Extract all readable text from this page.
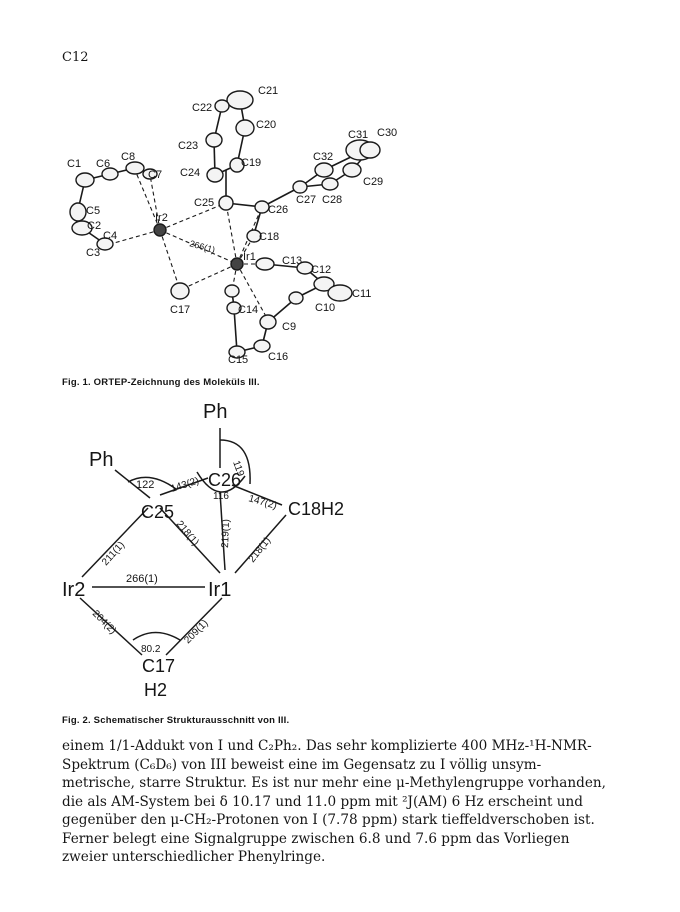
C12
C1 C6
C8
C7
C5
C2
C4
C3
Ir2
C21
C22
C20
C23
C19
C24
C25
C26
C27 C28
C32
C31 C30
C29
C18
266(1)
Ir1 C13
C12
C11
C10
C14
C9
C15 C16
C17
Fig. 1. ORTEP-Zeichnung des Moleküls III.
Ph
Ph
122 143(2)
C25
C26
119
116 147(2) C18H2
211(1)
218(1) 219(1)
218(1)
Ir2	266(1)	Ir1
204(2)	209(1)
80.2
C17
H2
Fig. 2. Schematischer Strukturausschnitt von III.
einem 1/1-Addukt von I und C₂Ph₂. Das sehr komplizierte 400 MHz-¹H-NMR-
Spektrum (C₆D₆) von III beweist eine im Gegensatz zu I völlig unsym-
metrische, starre Struktur. Es ist nur mehr eine μ-Methylengruppe vorhanden,
die als AM-System bei δ 10.17 und 11.0 ppm mit ²J(AM) 6 Hz erscheint und
gegenüber den μ-CH₂-Protonen von I (7.78 ppm) stark tieffeldverschoben ist.
Ferner belegt eine Signalgruppe zwischen 6.8 und 7.6 ppm das Vorliegen
zweier unterschiedlicher Phenylringe.
